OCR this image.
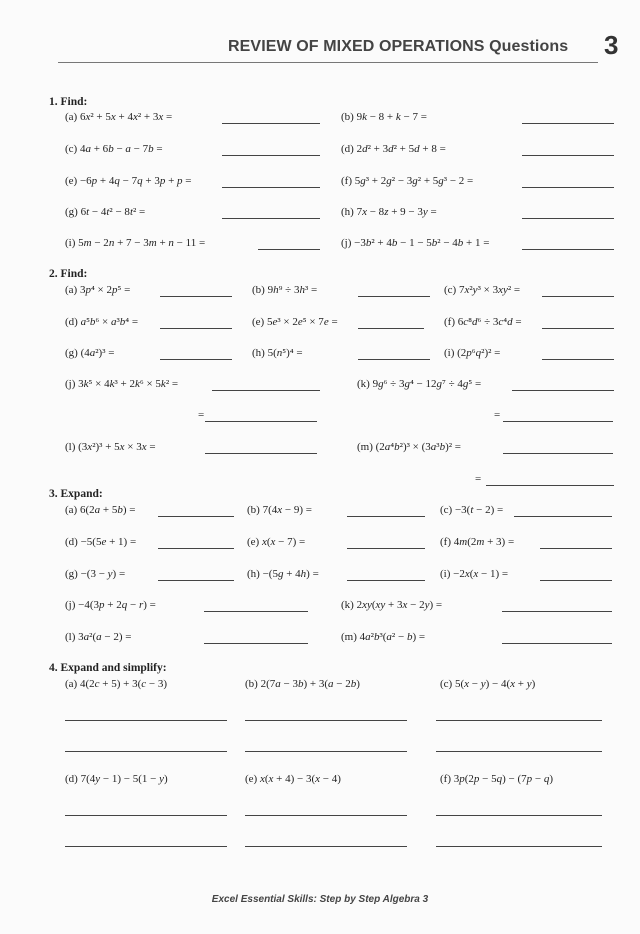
REVIEW OF MIXED OPERATIONS Questions 3
1. Find:
2. Find:
3. Expand:
4. Expand and simplify:
(a) 6x² + 5x + 4x² + 3x =	(b) 9k − 8 + k − 7 =
(c) 4a + 6b − a − 7b =	(d) 2d² + 3d² + 5d + 8 =
(e) −6p + 4q − 7q + 3p + p =	(f) 5g³ + 2g² − 3g² + 5g³ − 2 =
(g) 6t − 4t² − 8t² =	(h) 7x − 8z + 9 − 3y =
(i) 5m − 2n + 7 − 3m + n − 11 =	(j) −3b² + 4b − 1 − 5b² − 4b + 1 =
(a) 3p⁴ × 2p⁵ =	(b) 9h⁹ ÷ 3h³ =	(c) 7x²y³ × 3xy² =
(d) a⁵b⁶ × a³b⁴ =	(e) 5e³ × 2e⁵ × 7e =	(f) 6c⁸d⁶ ÷ 3c⁴d =
(g) (4a²)³ =	(h) 5(n⁵)⁴ =	(i) (2p⁶q²)² =
(j) 3k⁵ × 4k³ + 2k⁶ × 5k² =	(k) 9g⁶ ÷ 3g⁴ − 12g⁷ ÷ 4g⁵ =
=	=
(l) (3x²)³ + 5x × 3x =	(m) (2a⁴b²)³ × (3a³b)² =
=
(a) 6(2a + 5b) =	(b) 7(4x − 9) =	(c) −3(t − 2) =
(d) −5(5e + 1) =	(e) x(x − 7) =	(f) 4m(2m + 3) =
(g) −(3 − y) =	(h) −(5g + 4h) =	(i) −2x(x − 1) =
(j) −4(3p + 2q − r) =	(k) 2xy(xy + 3x − 2y) =
(l) 3a²(a − 2) =	(m) 4a²b³(a² − b) =
(a) 4(2c + 5) + 3(c − 3)	(b) 2(7a − 3b) + 3(a − 2b)	(c) 5(x − y) − 4(x + y)
(d) 7(4y − 1) − 5(1 − y)	(e) x(x + 4) − 3(x − 4)	(f) 3p(2p − 5q) − (7p − q)
Excel Essential Skills: Step by Step Algebra 3
